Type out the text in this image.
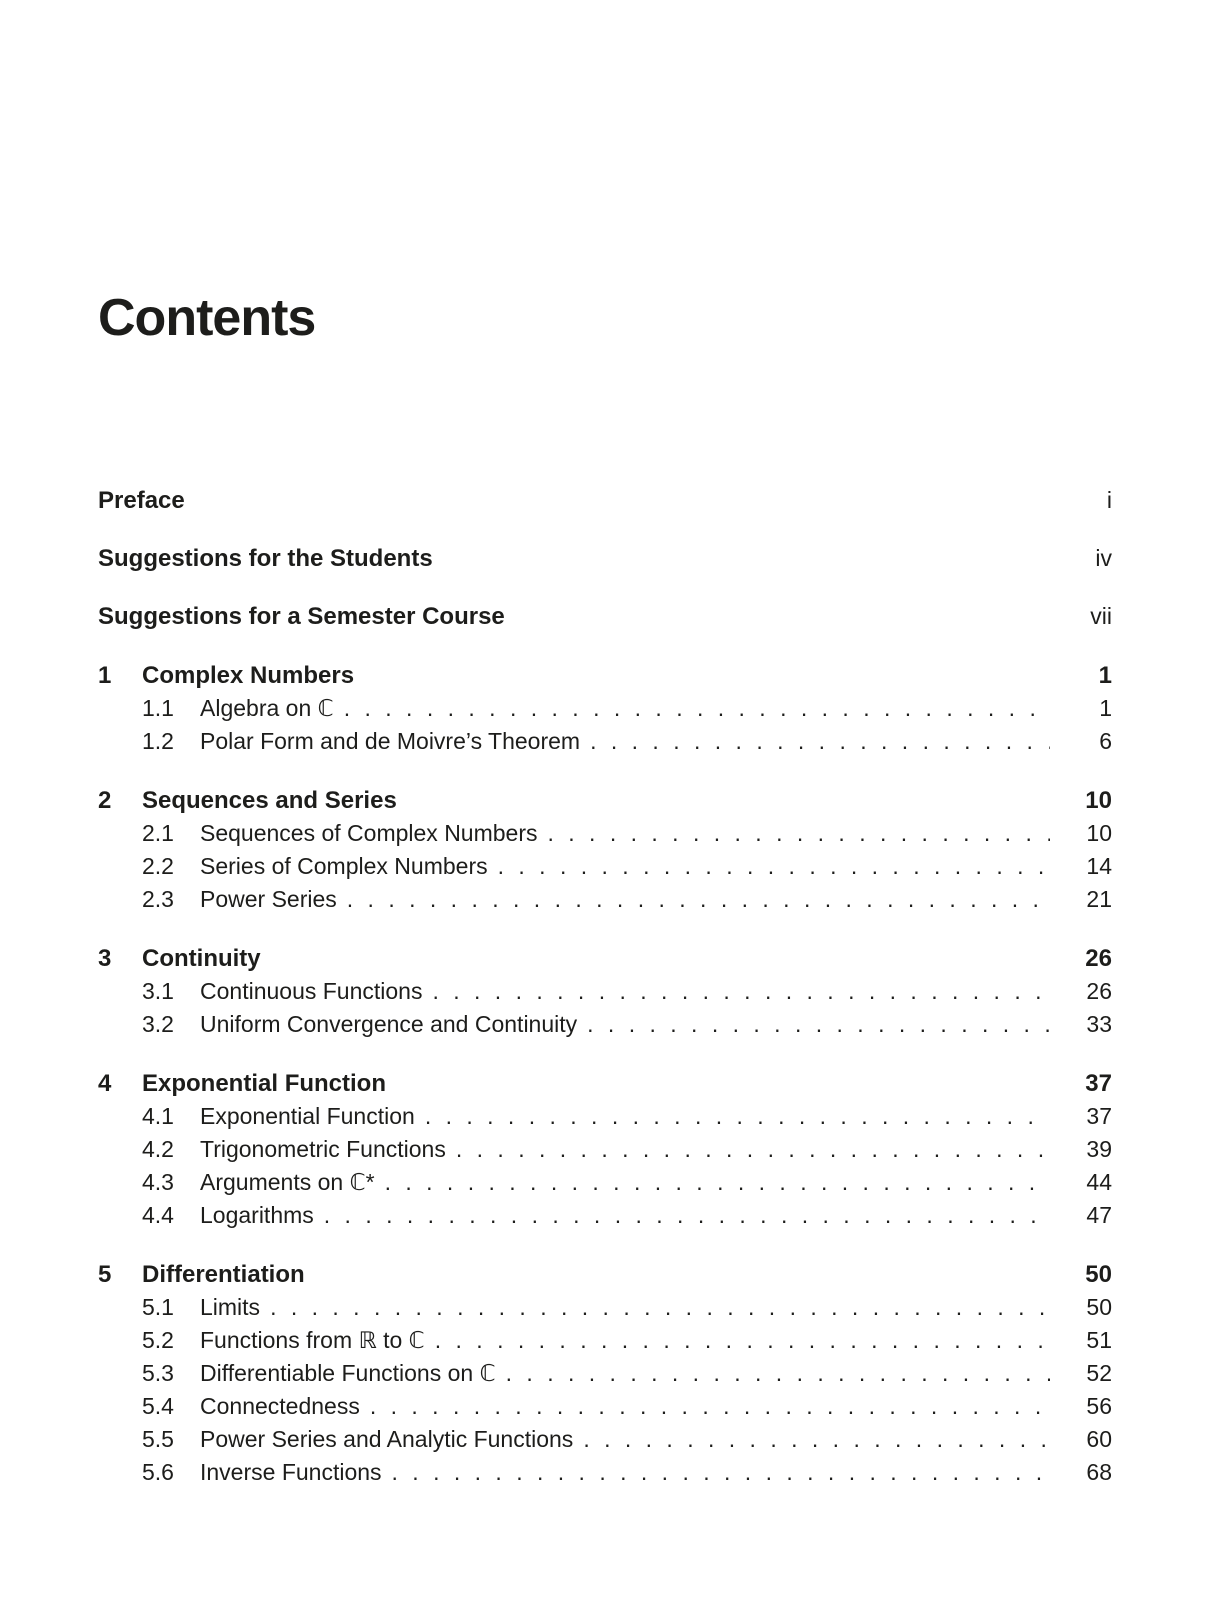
Contents
Preface	i
Suggestions for the Students	iv
Suggestions for a Semester Course	vii
1	Complex Numbers	1
1.1	Algebra on ℂ . . .	1
1.2	Polar Form and de Moivre’s Theorem . . .	6
2	Sequences and Series	10
2.1	Sequences of Complex Numbers . . .	10
2.2	Series of Complex Numbers . . .	14
2.3	Power Series . . .	21
3	Continuity	26
3.1	Continuous Functions . . .	26
3.2	Uniform Convergence and Continuity . . .	33
4	Exponential Function	37
4.1	Exponential Function . . .	37
4.2	Trigonometric Functions . . .	39
4.3	Arguments on ℂ* . . .	44
4.4	Logarithms . . .	47
5	Differentiation	50
5.1	Limits . . .	50
5.2	Functions from ℝ to ℂ . . .	51
5.3	Differentiable Functions on ℂ . . .	52
5.4	Connectedness . . .	56
5.5	Power Series and Analytic Functions . . .	60
5.6	Inverse Functions . . .	68
